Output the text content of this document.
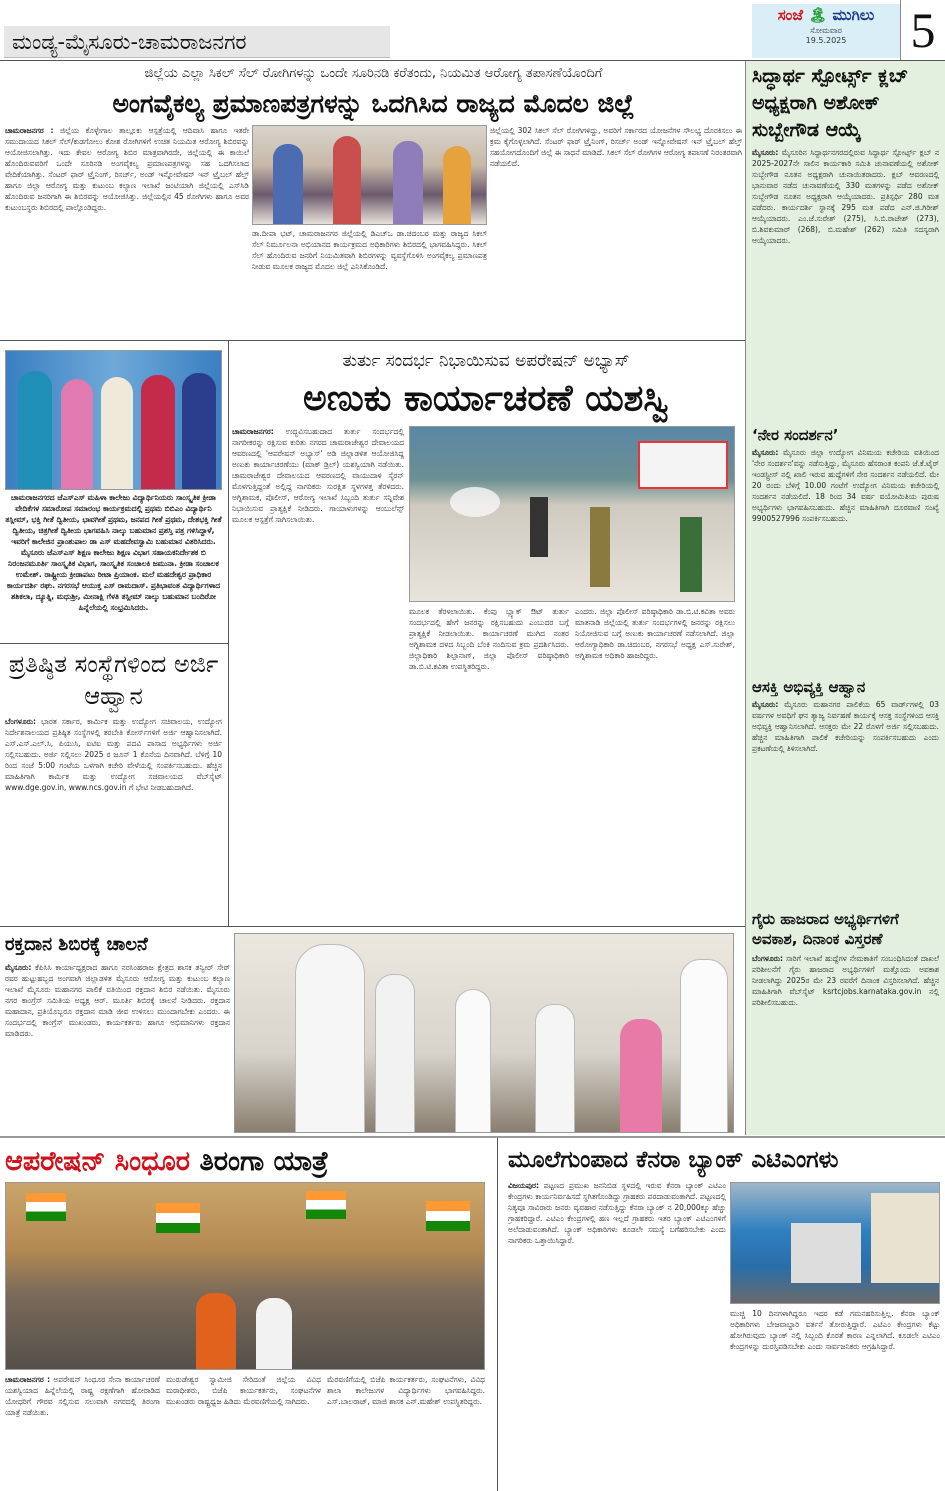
ಮಂಡ್ಯ-ಮೈಸೂರು-ಚಾಮರಾಜನಗರ
ಸಂಜೆ 🏝 ಮುಗಿಲು
ಸೋಮವಾರ
19.5.2025	5
ಜಿಲ್ಲೆಯ ಎಲ್ಲಾ ಸಿಕಲ್ ಸೆಲ್ ರೋಗಿಗಳನ್ನು ಒಂದೇ ಸೂರಿನಡಿ ಕರೆತಂದು, ನಿಯಮಿತ ಆರೋಗ್ಯ ತಪಾಸಣೆಯೊಂದಿಗೆ
ಅಂಗವೈಕಲ್ಯ ಪ್ರಮಾಣಪತ್ರಗಳನ್ನು ಒದಗಿಸಿದ ರಾಜ್ಯದ ಮೊದಲ ಜಿಲ್ಲೆ
ಚಾಮರಾಜನಗರ : ಜಿಲ್ಲೆಯ ಕೊಳ್ಳೇಗಾಲ ತಾಲ್ಲೂಕು ಆಸ್ಪತ್ರೆಯಲ್ಲಿ ಆದಿವಾಸಿ ಹಾಗೂ ಇತರೇ ಸಮುದಾಯದ ಸಿಕಲ್ ಸೆಲ್/ಕುಡಗೋಲು ಕೋಶ ರೋಗಿಗಳಿಗೆ ಉಚಿತ ನಿಯಮಿತ ಆರೋಗ್ಯ ಶಿಬಿರವನ್ನು ಆಯೋಜಿಸಲಾಗಿತ್ತು. ಇದು ಕೇವಲ ಆರೋಗ್ಯ ಶಿಬಿರ ಮಾತ್ರವಾಗಿರದೇ, ಜಿಲ್ಲೆಯಲ್ಲಿ ಈ ಕಾಯಿಲೆ ಹೊಂದಿರುವವರಿಗೆ ಒಂದೇ ಸೂರಿನಡಿ ಅಂಗವೈಕಲ್ಯ ಪ್ರಮಾಣಪತ್ರಗಳನ್ನು ಸಹ ಒದಗಿಸಲಾದ ವೇದಿಕೆಯಾಗಿತ್ತು. ಸೆಂಟರ್ ಫಾರ್ ಟ್ರೈನಿಂಗ್, ರಿಸರ್ಚ್, ಅಂಡ್ ಇನ್ನೋವೇಷನ್ ಇನ್ ಟ್ರೈಬಲ್ ಹೆಲ್ತ್ ಹಾಗೂ ಜಿಲ್ಲಾ ಆರೋಗ್ಯ ಮತ್ತು ಕುಟುಂಬ ಕಲ್ಯಾಣ ಇಲಾಖೆ ಜಂಟಿಯಾಗಿ ಜಿಲ್ಲೆಯಲ್ಲಿ ಎಸ್‌ಸಿಡಿ ಹೊಂದಿರುವ ಜನರಿಗಾಗಿ ಈ ಶಿಬಿರವನ್ನು ಆಯೋಜಿಸಿತ್ತು. ಜಿಲ್ಲೆಯಲ್ಲಿನ 45 ರೋಗಿಗಳು ಹಾಗೂ ಅವರ ಕುಟುಂಬಸ್ಥರು ಶಿಬಿರದಲ್ಲಿ ಪಾಲ್ಗೊಂಡಿದ್ದರು.
ಡಾ.ದೀಪಾ ಭಟ್, ಚಾಮರಾಜನಗರ ಜಿಲ್ಲೆಯಲ್ಲಿ ಡಿಎಚ್‌ಒ ಡಾ.ಚಿದಂಬರ ಮತ್ತು ರಾಜ್ಯದ ಸಿಕಲ್ ಸೆಲ್ ನಿರ್ಮೂಲನಾ ಅಭಿಯಾನದ ಕಾರ್ಯಕ್ರಮದ ಅಧಿಕಾರಿಗಳು ಶಿಬಿರದಲ್ಲಿ ಭಾಗವಹಿಸಿದ್ದರು. ಸಿಕಲ್ ಸೆಲ್ ಹೊಂದಿರುವ ಜನರಿಗೆ ನಿಯಮಿತವಾಗಿ ಶಿಬಿರಗಳನ್ನು ವ್ಯವಸ್ಥೆಗೊಳಿಸಿ ಅಂಗವೈಕಲ್ಯ ಪ್ರಮಾಣಪತ್ರ ನೀಡುವ ಮೂಲಕ ರಾಜ್ಯದ ಮೊದಲ ಜಿಲ್ಲೆ ಎನಿಸಿಕೊಂಡಿದೆ.
ಜಿಲ್ಲೆಯಲ್ಲಿ 302 ಸಿಕಲ್ ಸೆಲ್ ರೋಗಿಗಳಿದ್ದು, ಅವರಿಗೆ ಸರ್ಕಾರದ ಯೋಜನೆಗಳ ಸೌಲಭ್ಯ ದೊರಕಿಸಲು ಈ ಕ್ರಮ ಕೈಗೊಳ್ಳಲಾಗಿದೆ. ಸೆಂಟರ್ ಫಾರ್ ಟ್ರೈನಿಂಗ್, ರಿಸರ್ಚ್ ಅಂಡ್ ಇನ್ನೋವೇಷನ್ ಇನ್ ಟ್ರೈಬಲ್ ಹೆಲ್ತ್ ಸಹಯೋಗದೊಂದಿಗೆ ಜಿಲ್ಲೆ ಈ ಸಾಧನೆ ಮಾಡಿದೆ. ಸಿಕಲ್ ಸೆಲ್ ರೋಗಿಗಳ ಆರೋಗ್ಯ ತಪಾಸಣೆ ನಿರಂತರವಾಗಿ ನಡೆಯಲಿದೆ.
ಚಾಮರಾಜನಗರದ ಜೆಎಸ್‌ಎಸ್ ಮಹಿಳಾ ಕಾಲೇಜು ವಿದ್ಯಾರ್ಥಿನಿಯರು ಸಾಂಸ್ಕೃತಿಕ ಕ್ರೀಡಾ ವೇದಿಕೆಗಳ ಸಮಾರೋಪ ಸಮಾರಂಭ ಕಾರ್ಯಕ್ರಮದಲ್ಲಿ ಪ್ರಥಮ ಬಿಬಿಎಂ ವಿದ್ಯಾರ್ಥಿನಿ ತಸ್ಲೀಮ್, ಭಕ್ತಿ ಗೀತೆ ದ್ವಿತೀಯ, ಭಾವಗೀತೆ ಪ್ರಥಮ, ಜನಪದ ಗೀತೆ ಪ್ರಥಮ, ದೇಶಭಕ್ತಿ ಗೀತೆ ದ್ವಿತೀಯ, ಚಿತ್ರಗೀತೆ ದ್ವಿತೀಯ ಭಾಗವಹಿಸಿ ನಾಲ್ಕು ಬಹುಮಾನ ಪ್ರಶಸ್ತಿ ಪತ್ರ ಗಳಿಸಿದ್ದಾಳೆ, ಇವರಿಗೆ ಕಾಲೇಜಿನ ಪ್ರಾಂಶುಪಾಲ ಡಾ ಎಸ್ ಮಹದೇವಸ್ವಾಮಿ ಬಹುಮಾನ ವಿತರಿಸಿದರು. ಮೈಸೂರು ಜೆಎಸ್‌ಎಸ್ ಶಿಕ್ಷಣ ಕಾಲೇಜು ಶಿಕ್ಷಣ ವಿಭಾಗ ಸಹಾಯಕನಿರ್ದೇಶಕ ಬಿ ನಿರಂಜನಮೂರ್ತಿ ಸಾಂಸ್ಕೃತಿಕ ವಿಭಾಗ, ಸಾಂಸ್ಕೃತಿಕ ಸಂಚಾಲಕಿ ಜಮುನಾ. ಕ್ರೀಡಾ ಸಂಚಾಲಕ ಉಮೇಶ್. ರಾಷ್ಟ್ರೀಯ ಕ್ರೀಡಾಪಟು ರೀಟಾ ಪ್ರಿಯಾಂಕ. ಮಲೆ ಮಹದೇಶ್ವರ ಪ್ರಾಧಿಕಾರ ಕಾರ್ಯದರ್ಶಿ ರಘು. ನಗರಸಭೆ ಆಯುಕ್ತ ಎಸ್ ರಾಮದಾಸ್. ಪ್ರತಿಭಾವಂತ ವಿದ್ಯಾರ್ಥಿಗಳಾದ ಶಶಿಕಲಾ, ದ್ಯೂತ್ನಿ, ಮಧುಶ್ರೀ, ಮೀನಾಕ್ಷಿ ಗೆಳತಿ ತಸ್ಲೀಮ್ ನಾಲ್ಕು ಬಹುಮಾನ ಬಂದಿರೋ ಹಿನ್ನೆಲೆಯಲ್ಲಿ ಸಂಭ್ರಮಿಸಿದರು.
ಪ್ರತಿಷ್ಠಿತ ಸಂಸ್ಥೆಗಳಿಂದ ಅರ್ಜಿ ಆಹ್ವಾನ
ಬೆಂಗಳೂರು: ಭಾರತ ಸರ್ಕಾರ, ಕಾರ್ಮಿಕ ಮತ್ತು ಉದ್ಯೋಗ ಸಚಿವಾಲಯ, ಉದ್ಯೋಗ ನಿರ್ದೇಶನಾಲಯದ ಪ್ರತಿಷ್ಠಿತ ಸಂಸ್ಥೆಗಳಲ್ಲಿ ತರಬೇತಿ ಕೋರ್ಸ್‌ಗಳಿಗೆ ಅರ್ಜಿ ಆಹ್ವಾನಿಸಲಾಗಿದೆ. ಎಸ್.ಎಸ್.ಎಲ್.ಸಿ, ಪಿಯುಸಿ, ಐಟಿಐ ಮತ್ತು ಪದವಿ ಪಾಸಾದ ಅಭ್ಯರ್ಥಿಗಳು ಅರ್ಜಿ ಸಲ್ಲಿಸಬಹುದು. ಅರ್ಜಿ ಸಲ್ಲಿಸಲು 2025 ರ ಜೂನ್ 1 ಕೊನೆಯ ದಿನವಾಗಿದೆ. ಬೆಳಿಗ್ಗೆ 10 ರಿಂದ ಸಂಜೆ 5:00 ಗಂಟೆಯ ಒಳಗಾಗಿ ಕಚೇರಿ ವೇಳೆಯಲ್ಲಿ ಸಂಪರ್ಕಿಸಬಹುದು. ಹೆಚ್ಚಿನ ಮಾಹಿತಿಗಾಗಿ ಕಾರ್ಮಿಕ ಮತ್ತು ಉದ್ಯೋಗ ಸಚಿವಾಲಯದ ವೆಬ್‌ಸೈಟ್ www.dge.gov.in, www.ncs.gov.in ಗೆ ಭೇಟಿ ನೀಡಬಹುದಾಗಿದೆ.
ತುರ್ತು ಸಂದರ್ಭ ನಿಭಾಯಿಸುವ ಅಪರೇಷನ್ ಅಭ್ಯಾಸ್
ಅಣುಕು ಕಾರ್ಯಾಚರಣೆ ಯಶಸ್ವಿ
ಚಾಮರಾಜನಗರ: ಉದ್ಭವಿಸಬಹುದಾದ ತುರ್ತು ಸಂದರ್ಭದಲ್ಲಿ ನಾಗರೀಕರನ್ನು ರಕ್ಷಿಸುವ ಕುರಿತು ನಗರದ ಚಾಮರಾಜೇಶ್ವರ ದೇವಾಲಯದ ಆವರಣದಲ್ಲಿ 'ಆಪರೇಷನ್ ಅಭ್ಯಾಸ್' ಅಡಿ ಜಿಲ್ಲಾಡಳಿತ ಆಯೋಜಿಸಿದ್ದ ಅಣುಕು ಕಾರ್ಯಾಚರಣೆಯು (ಮಾಕ್ ಡ್ರಿಲ್) ಯಶಸ್ವಿಯಾಗಿ ನಡೆಯಿತು. ಚಾಮರಾಜೇಶ್ವರ ದೇವಾಲಯದ ಆವರಣದಲ್ಲಿ ವಾಯುದಾಳಿ ಸೈರನ್ ಮೊಳಗುತ್ತಿದ್ದಂತೆ ಅಲ್ಲಿದ್ದ ನಾಗರಿಕರು ಸುರಕ್ಷಿತ ಸ್ಥಳಗಳತ್ತ ತೆರಳಿದರು. ಅಗ್ನಿಶಾಮಕ, ಪೊಲೀಸ್, ಆರೋಗ್ಯ ಇಲಾಖೆ ಸಿಬ್ಬಂದಿ ತುರ್ತು ಸನ್ನಿವೇಶ ನಿಭಾಯಿಸುವ ಪ್ರಾತ್ಯಕ್ಷಿಕೆ ನೀಡಿದರು. ಗಾಯಾಳುಗಳನ್ನು ಆಂಬುಲೆನ್ಸ್ ಮೂಲಕ ಆಸ್ಪತ್ರೆಗೆ ಸಾಗಿಸಲಾಯಿತು.
ಮೂಲಕ ತೆರಳಲಾಯಿತು. ಕೆಂಪು ಬ್ಲ್ಯಾಕ್ ಔಟ್ ತುರ್ತು ಸಂದರ್ಭದಲ್ಲಿ ಹೇಗೆ ಜನರನ್ನು ರಕ್ಷಿಸಬಹುದು ಎಂಬುದರ ಬಗ್ಗೆ ಪ್ರಾತ್ಯಕ್ಷಿಕೆ ನೀಡಲಾಯಿತು. ಕಾರ್ಯಾಚರಣೆ ಮುಗಿದ ನಂತರ ಅಗ್ನಿಶಾಮಕ ದಳದ ಸಿಬ್ಬಂದಿ ಬೆಂಕಿ ನಂದಿಸುವ ಕ್ರಮ ಪ್ರದರ್ಶಿಸಿದರು. ಜಿಲ್ಲಾಧಿಕಾರಿ ಶಿಲ್ಪಾನಾಗ್, ಜಿಲ್ಲಾ ಪೊಲೀಸ್ ವರಿಷ್ಠಾಧಿಕಾರಿ ಡಾ.ಬಿ.ಟಿ.ಕವಿತಾ ಉಪಸ್ಥಿತರಿದ್ದರು.
ಎಂದರು. ಜಿಲ್ಲಾ ಪೊಲೀಸ್ ವರಿಷ್ಠಾಧಿಕಾರಿ ಡಾ.ಬಿ.ಟಿ.ಕವಿತಾ ಅವರು ಮಾತನಾಡಿ ಜಿಲ್ಲೆಯಲ್ಲಿ ತುರ್ತು ಸಂದರ್ಭಗಳಲ್ಲಿ ಜನರನ್ನು ರಕ್ಷಿಸಲು ನಿಯೋಜಿಸುವ ಬಗ್ಗೆ ಅಣುಕು ಕಾರ್ಯಾಚರಣೆ ನಡೆಸಲಾಗಿದೆ. ಜಿಲ್ಲಾ ಆರೋಗ್ಯಾಧಿಕಾರಿ ಡಾ.ಚಿದಂಬರ, ನಗರಸಭೆ ಅಧ್ಯಕ್ಷ ಎಸ್.ಸುರೇಶ್, ಅಗ್ನಿಶಾಮಕ ಅಧಿಕಾರಿ ಹಾಜರಿದ್ದರು.
ರಕ್ತದಾನ ಶಿಬಿರಕ್ಕೆ ಚಾಲನೆ
ಮೈಸೂರು: ಕೆಪಿಸಿಸಿ ಕಾರ್ಯಾಧ್ಯಕ್ಷರಾದ ಹಾಗೂ ನರಸಿಂಹರಾಜ ಕ್ಷೇತ್ರದ ಶಾಸಕ ತನ್ವೀರ್ ಸೇಠ್ ರವರ ಹುಟ್ಟುಹಬ್ಬದ ಅಂಗವಾಗಿ ಜಿಲ್ಲಾಡಳಿತ ಮೈಸೂರು ಆರೋಗ್ಯ ಮತ್ತು ಕುಟುಂಬ ಕಲ್ಯಾಣ ಇಲಾಖೆ ಮೈಸೂರು ಮಹಾನಗರ ಪಾಲಿಕೆ ವತಿಯಿಂದ ರಕ್ತದಾನ ಶಿಬಿರ ನಡೆಯಿತು. ಮೈಸೂರು ನಗರ ಕಾಂಗ್ರೆಸ್ ಸಮಿತಿಯ ಅಧ್ಯಕ್ಷ ಆರ್. ಮೂರ್ತಿ ಶಿಬಿರಕ್ಕೆ ಚಾಲನೆ ನೀಡಿದರು. ರಕ್ತದಾನ ಮಹಾದಾನ, ಪ್ರತಿಯೊಬ್ಬರೂ ರಕ್ತದಾನ ಮಾಡಿ ಜೀವ ಉಳಿಸಲು ಮುಂದಾಗಬೇಕು ಎಂದರು. ಈ ಸಂದರ್ಭದಲ್ಲಿ ಕಾಂಗ್ರೆಸ್ ಮುಖಂಡರು, ಕಾರ್ಯಕರ್ತರು ಹಾಗೂ ಅಭಿಮಾನಿಗಳು ರಕ್ತದಾನ ಮಾಡಿದರು.
ಸಿದ್ಧಾರ್ಥ ಸ್ಪೋರ್ಟ್ಸ್ ಕ್ಲಬ್ ಅಧ್ಯಕ್ಷರಾಗಿ ಅಶೋಕ್ ಸುಬ್ಬೇಗೌಡ ಆಯ್ಕೆ
ಮೈಸೂರು: ಮೈಸೂರಿನ ಸಿದ್ಧಾರ್ಥನಗರದಲ್ಲಿರುವ ಸಿದ್ಧಾರ್ಥ ಸ್ಪೋರ್ಟ್ಸ್ ಕ್ಲಬ್ ನ 2025-2027ನೇ ಸಾಲಿನ ಕಾರ್ಯಕಾರಿ ಸಮಿತಿ ಚುನಾವಣೆಯಲ್ಲಿ ಅಶೋಕ್ ಸುಬ್ಬೇಗೌಡ ನೂತನ ಅಧ್ಯಕ್ಷರಾಗಿ ಚುನಾಯಿತರಾದರು. ಕ್ಲಬ್ ಆವರಣದಲ್ಲಿ ಭಾನುವಾರ ನಡೆದ ಚುನಾವಣೆಯಲ್ಲಿ 330 ಮತಗಳನ್ನು ಪಡೆದ ಅಶೋಕ್ ಸುಬ್ಬೇಗೌಡ ನೂತನ ಅಧ್ಯಕ್ಷರಾಗಿ ಆಯ್ಕೆಯಾದರು. ಪ್ರತಿಸ್ಪರ್ಧಿ 280 ಮತ ಪಡೆದರು. ಕಾರ್ಯದರ್ಶಿ ಸ್ಥಾನಕ್ಕೆ 295 ಮತ ಪಡೆದ ಎನ್.ಜಿ.ಗಿರೀಶ್ ಆಯ್ಕೆಯಾದರು. ಎಂ.ಜೆ.ಸುರೇಶ್ (275), ಸಿ.ಬಿ.ರಾಜೇಶ್ (273), ಬಿ.ಶಿವಕುಮಾರ್ (268), ಬಿ.ಮಹೇಶ್ (262) ಸಮಿತಿ ಸದಸ್ಯರಾಗಿ ಆಯ್ಕೆಯಾದರು.
‘ನೇರ ಸಂದರ್ಶನ’
ಮೈಸೂರು: ಮೈಸೂರು ಜಿಲ್ಲಾ ಉದ್ಯೋಗ ವಿನಿಮಯ ಕಚೇರಿಯ ವತಿಯಿಂದ 'ನೇರ ಸಂದರ್ಶನ'ವನ್ನು ನಡೆಸುತ್ತಿದ್ದು, ಮೈಸೂರು ಹೆಸರಾಂತ ಕಂಪನಿ ಜೆ.ಕೆ.ಟೈರ್ ಇಂಡಸ್ಟ್ರೀಸ್ ನಲ್ಲಿ ಖಾಲಿ ಇರುವ ಹುದ್ದೆಗಳಿಗೆ ನೇರ ಸಂದರ್ಶನ ನಡೆಯಲಿದೆ. ಮೇ 20 ರಂದು ಬೆಳಿಗ್ಗೆ 10.00 ಗಂಟೆಗೆ ಉದ್ಯೋಗ ವಿನಿಮಯ ಕಚೇರಿಯಲ್ಲಿ ಸಂದರ್ಶನ ನಡೆಯಲಿದೆ. 18 ರಿಂದ 34 ವರ್ಷ ವಯೋಮಿತಿಯ ಪುರುಷ ಅಭ್ಯರ್ಥಿಗಳು ಭಾಗವಹಿಸಬಹುದು. ಹೆಚ್ಚಿನ ಮಾಹಿತಿಗಾಗಿ ದೂರವಾಣಿ ಸಂಖ್ಯೆ 9900527996 ಸಂಪರ್ಕಿಸಬಹುದು.
ಆಸಕ್ತಿ ಅಭಿವ್ಯಕ್ತಿ ಆಹ್ವಾನ
ಮೈಸೂರು: ಮೈಸೂರು ಮಹಾನಗರ ಪಾಲಿಕೆಯ 65 ವಾರ್ಡ್‌ಗಳಲ್ಲಿ 03 ವರ್ಷಗಳ ಅವಧಿಗೆ ಘನ ತ್ಯಾಜ್ಯ ನಿರ್ವಹಣೆ ಕಾರ್ಯಕ್ಕೆ ಆಸಕ್ತ ಸಂಸ್ಥೆಗಳಿಂದ ಆಸಕ್ತಿ ಅಭಿವ್ಯಕ್ತಿ ಆಹ್ವಾನಿಸಲಾಗಿದೆ. ಆಸಕ್ತರು ಮೇ 22 ರೊಳಗೆ ಅರ್ಜಿ ಸಲ್ಲಿಸಬಹುದು. ಹೆಚ್ಚಿನ ಮಾಹಿತಿಗಾಗಿ ಪಾಲಿಕೆ ಕಚೇರಿಯನ್ನು ಸಂಪರ್ಕಿಸಬಹುದು ಎಂದು ಪ್ರಕಟಣೆಯಲ್ಲಿ ತಿಳಿಸಲಾಗಿದೆ.
ಗೈರು ಹಾಜರಾದ ಅಭ್ಯರ್ಥಿಗಳಿಗೆ ಅವಕಾಶ, ದಿನಾಂಕ ವಿಸ್ತರಣೆ
ಬೆಂಗಳೂರು: ಸಾರಿಗೆ ಇಲಾಖೆ ಹುದ್ದೆಗಳ ನೇಮಕಾತಿಗೆ ಸಂಬಂಧಿಸಿದಂತೆ ದಾಖಲೆ ಪರಿಶೀಲನೆಗೆ ಗೈರು ಹಾಜರಾದ ಅಭ್ಯರ್ಥಿಗಳಿಗೆ ಮತ್ತೊಂದು ಅವಕಾಶ ನೀಡಲಾಗಿದ್ದು 2025ರ ಮೇ 23 ರವರೆಗೆ ದಿನಾಂಕ ವಿಸ್ತರಿಸಲಾಗಿದೆ. ಹೆಚ್ಚಿನ ಮಾಹಿತಿಗಾಗಿ ವೆಬ್‌ಸೈಟ್ ksrtcjobs.karnataka.gov.in ನಲ್ಲಿ ಪರಿಶೀಲಿಸಬಹುದು.
ಆಪರೇಷನ್ ಸಿಂಧೂರ ತಿರಂಗಾ ಯಾತ್ರೆ
ಚಾಮರಾಜನಗರ : ಅಪರೇಷನ್ ಸಿಂಧೂರ ಸೇನಾ ಕಾರ್ಯಾಚರಣೆ ಯಶಸ್ವಿಯಾದ ಹಿನ್ನೆಲೆಯಲ್ಲಿ ರಾಷ್ಟ್ರ ರಕ್ಷಣೆಗಾಗಿ ಹೋರಾಡಿದ ಯೋಧರಿಗೆ ಗೌರವ ಸಲ್ಲಿಸುವ ಸಲುವಾಗಿ ನಗರದಲ್ಲಿ ತಿರಂಗಾ ಯಾತ್ರೆ ನಡೆಯಿತು.
ಮುರುಡೇಶ್ವರ ಸ್ವಾಮೀಜಿ ಸೇರಿದಂತೆ ಜಿಲ್ಲೆಯ ವಿವಿಧ ಮಠಾಧೀಶರು, ಬಿಜೆಪಿ ಕಾರ್ಯಕರ್ತರು, ಸಂಘಟನೆಗಳ ಮುಖಂಡರು ರಾಷ್ಟ್ರಧ್ವಜ ಹಿಡಿದು ಮೆರವಣಿಗೆಯಲ್ಲಿ ಸಾಗಿದರು.
ಮೆರವಣಿಗೆಯಲ್ಲಿ ಬಿಜೆಪಿ ಕಾರ್ಯಕರ್ತರು, ಸಂಘಟನೆಗಳು, ವಿವಿಧ ಶಾಲಾ ಕಾಲೇಜುಗಳ ವಿದ್ಯಾರ್ಥಿಗಳು ಭಾಗವಹಿಸಿದ್ದರು. ಎಸ್.ಬಾಲರಾಜ್, ಮಾಜಿ ಶಾಸಕ ಎನ್.ಮಹೇಶ್ ಉಪಸ್ಥಿತರಿದ್ದರು.
ಮೂಲೆಗುಂಪಾದ ಕೆನರಾ ಬ್ಯಾಂಕ್ ಎಟಿಎಂಗಳು
ವಿಜಯಪುರ: ಪಟ್ಟಣದ ಪ್ರಮುಖ ಜನನಿಬಿಡ ಸ್ಥಳದಲ್ಲಿ ಇರುವ ಕೆನರಾ ಬ್ಯಾಂಕ್ ಎಟಿಎಂ ಕೇಂದ್ರಗಳು ಕಾರ್ಯನಿರ್ವಹಿಸದೆ ಸ್ಥಗಿತಗೊಂಡಿದ್ದು ಗ್ರಾಹಕರು ಪರದಾಡುವಂತಾಗಿದೆ. ಪಟ್ಟಣದಲ್ಲಿ ನಿತ್ಯವೂ ಸಾವಿರಾರು ಜನರು ವ್ಯವಹಾರ ನಡೆಸುತ್ತಿದ್ದು ಕೆನರಾ ಬ್ಯಾಂಕ್ ನ 20,000ಕ್ಕೂ ಹೆಚ್ಚು ಗ್ರಾಹಕರಿದ್ದಾರೆ. ಎಟಿಎಂ ಕೇಂದ್ರಗಳಲ್ಲಿ ಹಣ ಇಲ್ಲದೆ ಗ್ರಾಹಕರು ಇತರ ಬ್ಯಾಂಕ್ ಎಟಿಎಂಗಳಿಗೆ ಅಲೆದಾಡುವಂತಾಗಿದೆ. ಬ್ಯಾಂಕ್ ಅಧಿಕಾರಿಗಳು ಕೂಡಲೇ ಸಮಸ್ಯೆ ಬಗೆಹರಿಸಬೇಕು ಎಂದು ನಾಗರಿಕರು ಒತ್ತಾಯಿಸಿದ್ದಾರೆ.
ಮುಚ್ಚಿ 10 ದಿನಗಳಾಗಿದ್ದರೂ ಇದರ ಕಡೆ ಗಮನಹರಿಸುತ್ತಿಲ್ಲ. ಕೆನರಾ ಬ್ಯಾಂಕ್ ಅಧಿಕಾರಿಗಳು ಬೇಜವಾಬ್ದಾರಿ ವರ್ತನೆ ತೋರುತ್ತಿದ್ದಾರೆ. ಎಟಿಎಂ ಕೇಂದ್ರಗಳು ಕೆಟ್ಟು ಹೋಗಿರುವುದು ಬ್ಯಾಂಕ್ ನಲ್ಲಿ ಸಿಬ್ಬಂದಿ ಕೊರತೆ ಕಾರಣ ಎನ್ನಲಾಗಿದೆ. ಕೂಡಲೇ ಎಟಿಎಂ ಕೇಂದ್ರಗಳನ್ನು ದುರಸ್ತಿಪಡಿಸಬೇಕು ಎಂದು ಸಾರ್ವಜನಿಕರು ಆಗ್ರಹಿಸಿದ್ದಾರೆ.
